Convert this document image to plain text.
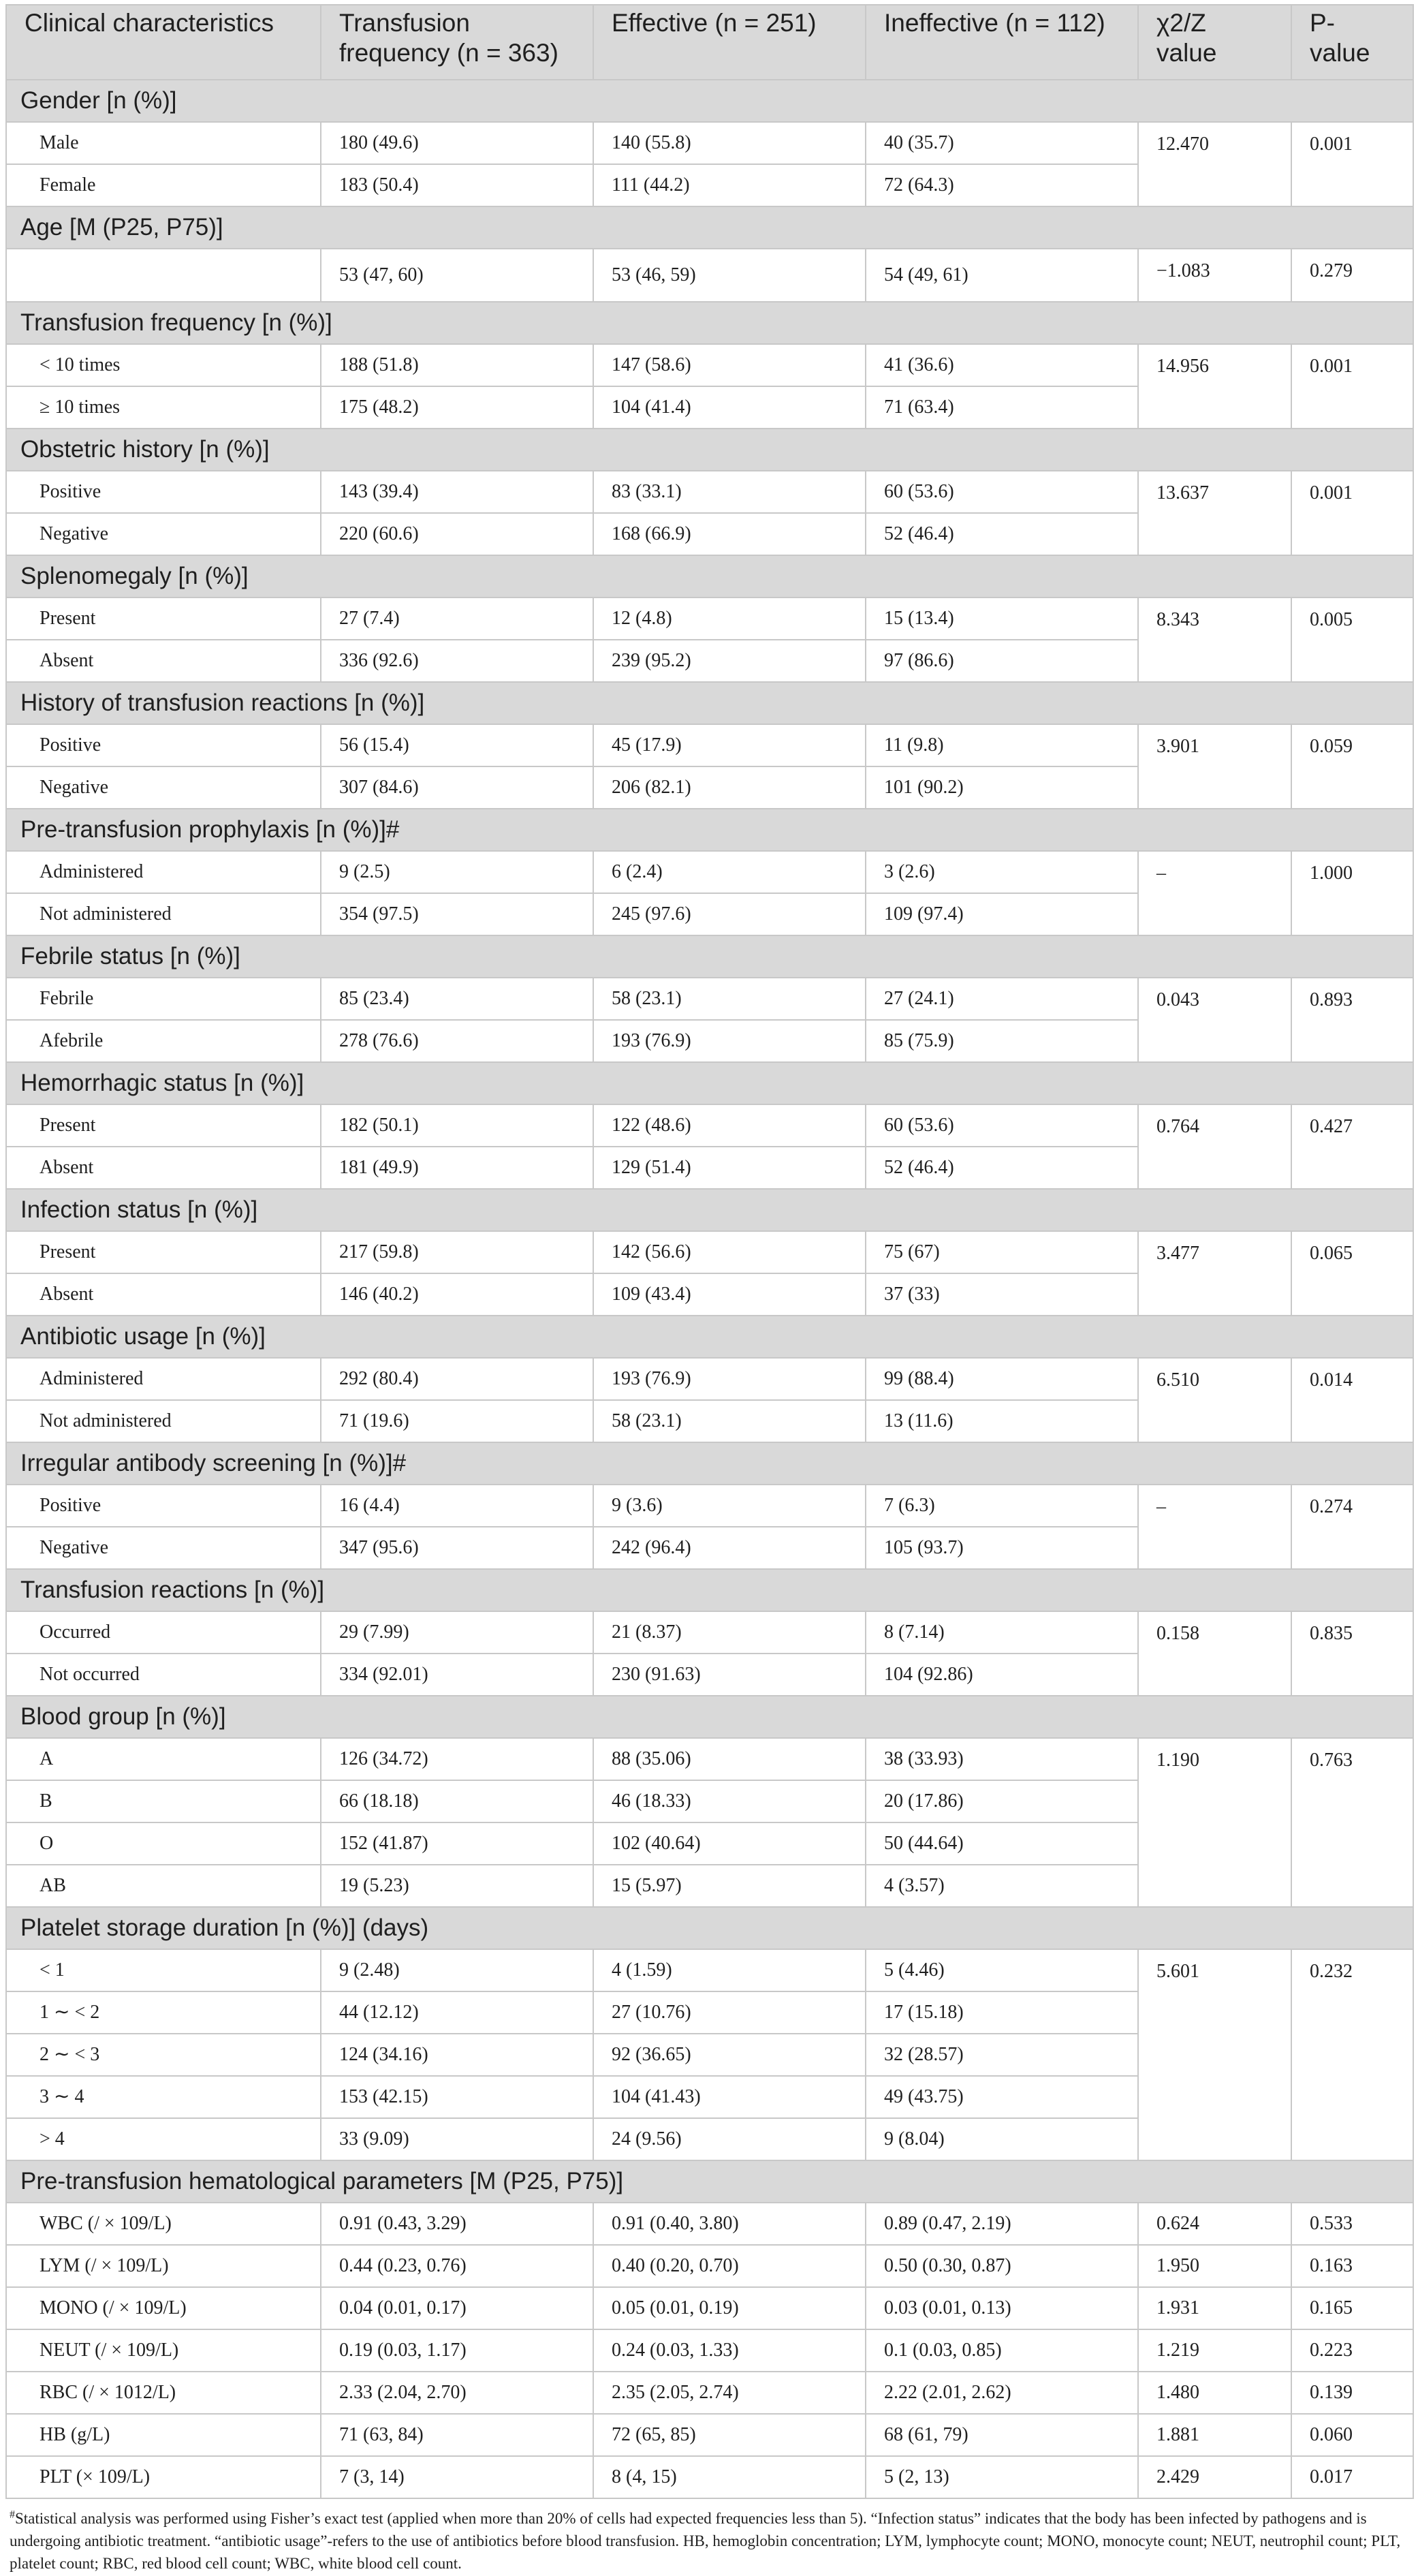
Clinical characteristics	Transfusion frequency (n = 363)	Effective (n = 251)	Ineffective (n = 112)	χ2/Z value	P-value
Gender [n (%)]					
Male	180 (49.6)	140 (55.8)	40 (35.7)	12.470	0.001
Female	183 (50.4)	111 (44.2)	72 (64.3)		
Age [M (P25, P75)]					
	53 (47, 60)	53 (46, 59)	54 (49, 61)	−1.083	0.279
Transfusion frequency [n (%)]					
< 10 times	188 (51.8)	147 (58.6)	41 (36.6)	14.956	0.001
≥ 10 times	175 (48.2)	104 (41.4)	71 (63.4)		
Obstetric history [n (%)]					
Positive	143 (39.4)	83 (33.1)	60 (53.6)	13.637	0.001
Negative	220 (60.6)	168 (66.9)	52 (46.4)		
Splenomegaly [n (%)]					
Present	27 (7.4)	12 (4.8)	15 (13.4)	8.343	0.005
Absent	336 (92.6)	239 (95.2)	97 (86.6)		
History of transfusion reactions [n (%)]					
Positive	56 (15.4)	45 (17.9)	11 (9.8)	3.901	0.059
Negative	307 (84.6)	206 (82.1)	101 (90.2)		
Pre-transfusion prophylaxis [n (%)]#					
Administered	9 (2.5)	6 (2.4)	3 (2.6)	–	1.000
Not administered	354 (97.5)	245 (97.6)	109 (97.4)		
Febrile status [n (%)]					
Febrile	85 (23.4)	58 (23.1)	27 (24.1)	0.043	0.893
Afebrile	278 (76.6)	193 (76.9)	85 (75.9)		
Hemorrhagic status [n (%)]					
Present	182 (50.1)	122 (48.6)	60 (53.6)	0.764	0.427
Absent	181 (49.9)	129 (51.4)	52 (46.4)		
Infection status [n (%)]					
Present	217 (59.8)	142 (56.6)	75 (67)	3.477	0.065
Absent	146 (40.2)	109 (43.4)	37 (33)		
Antibiotic usage [n (%)]					
Administered	292 (80.4)	193 (76.9)	99 (88.4)	6.510	0.014
Not administered	71 (19.6)	58 (23.1)	13 (11.6)		
Irregular antibody screening [n (%)]#					
Positive	16 (4.4)	9 (3.6)	7 (6.3)	–	0.274
Negative	347 (95.6)	242 (96.4)	105 (93.7)		
Transfusion reactions [n (%)]					
Occurred	29 (7.99)	21 (8.37)	8 (7.14)	0.158	0.835
Not occurred	334 (92.01)	230 (91.63)	104 (92.86)		
Blood group [n (%)]					
A	126 (34.72)	88 (35.06)	38 (33.93)	1.190	0.763
B	66 (18.18)	46 (18.33)	20 (17.86)		
O	152 (41.87)	102 (40.64)	50 (44.64)		
AB	19 (5.23)	15 (5.97)	4 (3.57)		
Platelet storage duration [n (%)] (days)					
< 1	9 (2.48)	4 (1.59)	5 (4.46)	5.601	0.232
1 ∼ < 2	44 (12.12)	27 (10.76)	17 (15.18)		
2 ∼ < 3	124 (34.16)	92 (36.65)	32 (28.57)		
3 ∼ 4	153 (42.15)	104 (41.43)	49 (43.75)		
> 4	33 (9.09)	24 (9.56)	9 (8.04)		
Pre-transfusion hematological parameters [M (P25, P75)]					
WBC (/ × 109/L)	0.91 (0.43, 3.29)	0.91 (0.40, 3.80)	0.89 (0.47, 2.19)	0.624	0.533
LYM (/ × 109/L)	0.44 (0.23, 0.76)	0.40 (0.20, 0.70)	0.50 (0.30, 0.87)	1.950	0.163
MONO (/ × 109/L)	0.04 (0.01, 0.17)	0.05 (0.01, 0.19)	0.03 (0.01, 0.13)	1.931	0.165
NEUT (/ × 109/L)	0.19 (0.03, 1.17)	0.24 (0.03, 1.33)	0.1 (0.03, 0.85)	1.219	0.223
RBC (/ × 1012/L)	2.33 (2.04, 2.70)	2.35 (2.05, 2.74)	2.22 (2.01, 2.62)	1.480	0.139
HB (g/L)	71 (63, 84)	72 (65, 85)	68 (61, 79)	1.881	0.060
PLT (× 109/L)	7 (3, 14)	8 (4, 15)	5 (2, 13)	2.429	0.017
#Statistical analysis was performed using Fisher’s exact test (applied when more than 20% of cells had expected frequencies less than 5). “Infection status” indicates that the body has been infected by pathogens and is undergoing antibiotic treatment. “antibiotic usage”-refers to the use of antibiotics before blood transfusion. HB, hemoglobin concentration; LYM, lymphocyte count; MONO, monocyte count; NEUT, neutrophil count; PLT, platelet count; RBC, red blood cell count; WBC, white blood cell count.
